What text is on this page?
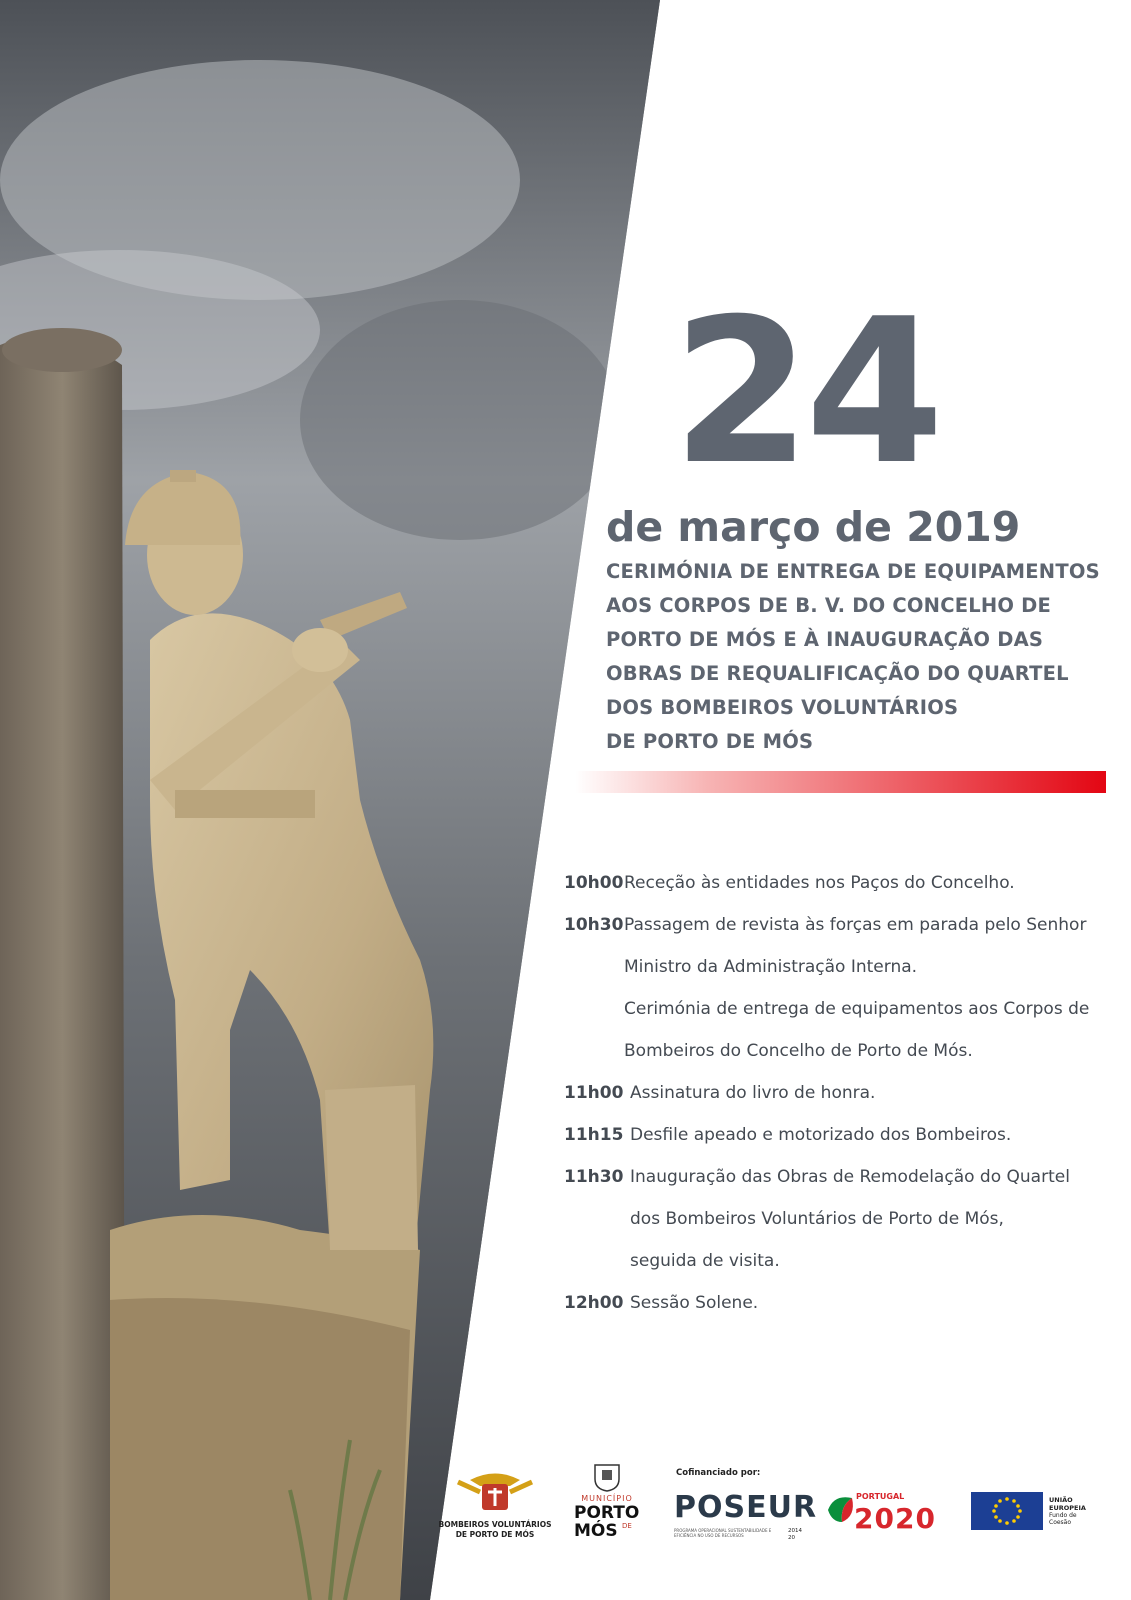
24
de março de 2019
CERIMÓNIA DE ENTREGA DE EQUIPAMENTOS
AOS CORPOS DE B. V. DO CONCELHO DE
PORTO DE MÓS E À INAUGURAÇÃO DAS
OBRAS DE REQUALIFICAÇÃO DO QUARTEL
DOS BOMBEIROS VOLUNTÁRIOS
DE PORTO DE MÓS
10h00 Receção às entidades nos Paços do Concelho.
10h30 Passagem de revista às forças em parada pelo Senhor
Ministro da Administração Interna.
Cerimónia de entrega de equipamentos aos Corpos de
Bombeiros do Concelho de Porto de Mós.
11h00 Assinatura do livro de honra.
11h15 Desfile apeado e motorizado dos Bombeiros.
11h30 Inauguração das Obras de Remodelação do Quartel
dos Bombeiros Voluntários de Porto de Mós,
seguida de visita.
12h00 Sessão Solene.
BOMBEIROS VOLUNTÁRIOS
DE PORTO DE MÓS
MUNICÍPIO
PORTO
DE
MÓS
Cofinanciado por:
POSEUR
PROGRAMA OPERACIONAL SUSTENTABILIDADE E EFICIÊNCIA NO USO DE RECURSOS
2014 20
PORTUGAL
2020
UNIÃO EUROPEIA
Fundo de Coesão
